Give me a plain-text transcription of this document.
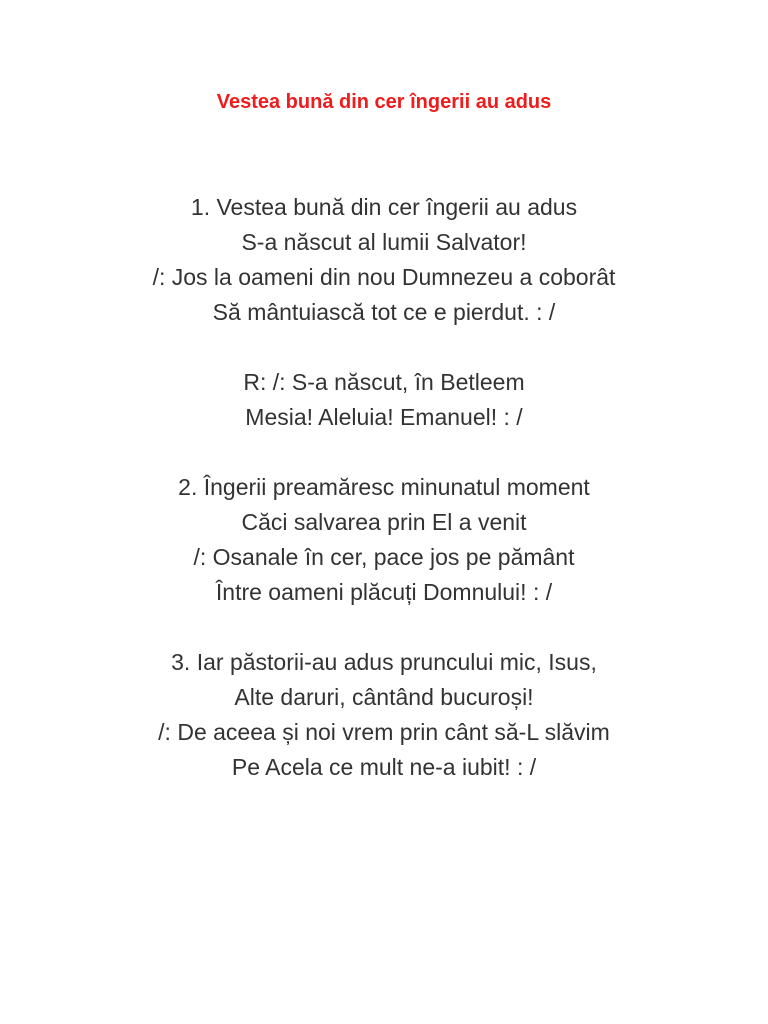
Vestea bună din cer îngerii au adus
1. Vestea bună din cer îngerii au adus
S-a născut al lumii Salvator!
/: Jos la oameni din nou Dumnezeu a coborât
Să mântuiască tot ce e pierdut. : /
R: /: S-a născut, în Betleem
Mesia! Aleluia! Emanuel! : /
2. Îngerii preamăresc minunatul moment
Căci salvarea prin El a venit
/: Osanale în cer, pace jos pe pământ
Între oameni plăcuți Domnului! : /
3. Iar păstorii-au adus pruncului mic, Isus,
Alte daruri, cântând bucuroși!
/: De aceea și noi vrem prin cânt să-L slăvim
Pe Acela ce mult ne-a iubit! : /
